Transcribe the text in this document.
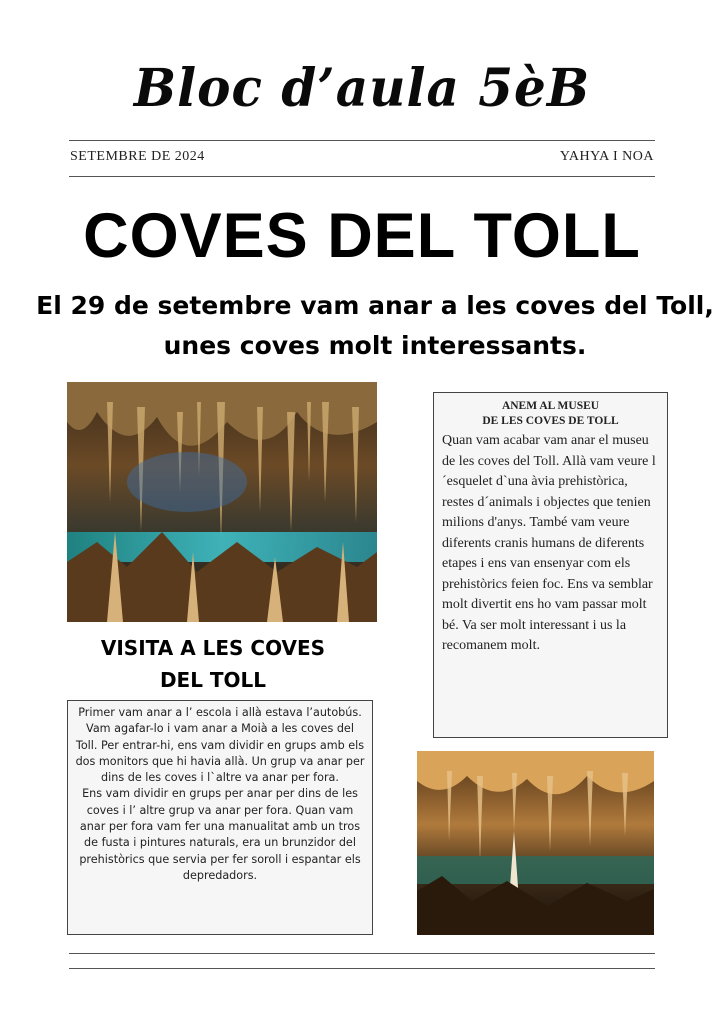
Bloc d’aula 5èB
SETEMBRE DE 2024	YAHYA I NOA
COVES DEL TOLL
El 29 de setembre vam anar a les coves del Toll, unes coves molt interessants.
VISITA A LES COVES DEL TOLL

Primer vam anar a l’ escola i allà estava l’autobús. Vam agafar-lo i vam anar a Moià a les coves del Toll. Per entrar-hi, ens vam dividir en grups amb els dos monitors que hi havia allà. Un grup va anar per dins de les coves i l`altre va anar per fora.

Ens vam dividir en grups per anar per dins de les coves i l’ altre grup va anar per fora. Quan vam anar per fora vam fer una manualitat amb un tros de fusta i pintures naturals, era un brunzidor del prehistòrics que servia per fer soroll i espantar els depredadors.

ANEM AL MUSEU
DE LES COVES DE TOLL
Quan vam acabar vam anar el museu de les coves del Toll. Allà vam veure l´esquelet d`una àvia prehistòrica, restes d´animals i objectes que tenien milions d'anys. També vam veure diferents cranis humans de diferents etapes i ens van ensenyar com els prehistòrics feien foc. Ens va semblar molt divertit ens ho vam passar molt bé. Va ser molt interessant i us la recomanem molt.
